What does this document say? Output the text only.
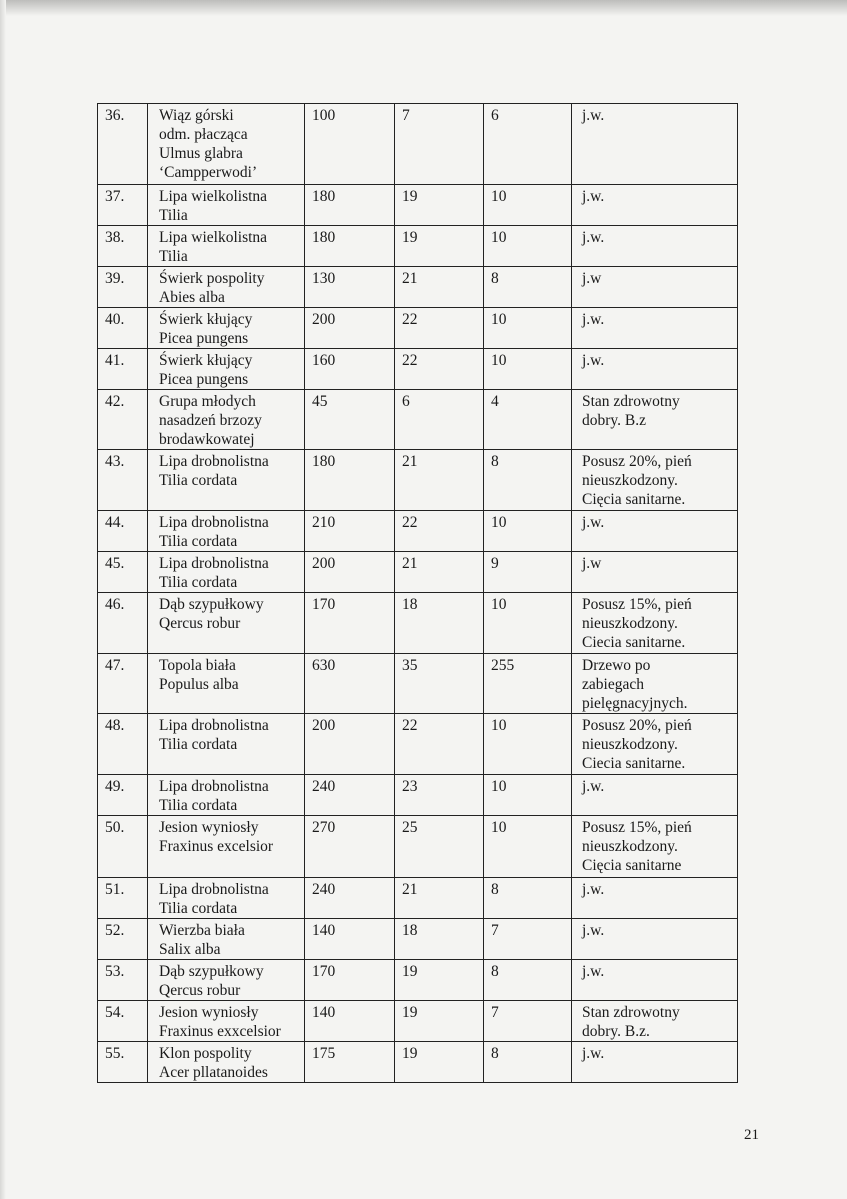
36.	Wiąz górski
odm. płacząca
Ulmus glabra
‘Campperwodi’	100	7	6	j.w.

37.	Lipa wielkolistna
Tilia	180	19	10	j.w.

38.	Lipa wielkolistna
Tilia	180	19	10	j.w.

39.	Świerk pospolity
Abies alba	130	21	8	j.w

40.	Świerk kłujący
Picea pungens	200	22	10	j.w.

41.	Świerk kłujący
Picea pungens	160	22	10	j.w.

42.	Grupa młodych
nasadzeń brzozy
brodawkowatej	45	6	4	Stan zdrowotny
dobry. B.z

43.	Lipa drobnolistna
Tilia cordata	180	21	8	Posusz 20%, pień
nieuszkodzony.
Cięcia sanitarne.

44.	Lipa drobnolistna
Tilia cordata	210	22	10	j.w.

45.	Lipa drobnolistna
Tilia cordata	200	21	9	j.w

46.	Dąb szypułkowy
Qercus robur	170	18	10	Posusz 15%, pień
nieuszkodzony.
Ciecia sanitarne.

47.	Topola biała
Populus alba	630	35	255	Drzewo po
zabiegach
pielęgnacyjnych.

48.	Lipa drobnolistna
Tilia cordata	200	22	10	Posusz 20%, pień
nieuszkodzony.
Ciecia sanitarne.

49.	Lipa drobnolistna
Tilia cordata	240	23	10	j.w.

50.	Jesion wyniosły
Fraxinus excelsior	270	25	10	Posusz 15%, pień
nieuszkodzony.
Cięcia sanitarne

51.	Lipa drobnolistna
Tilia cordata	240	21	8	j.w.

52.	Wierzba biała
Salix alba	140	18	7	j.w.

53.	Dąb szypułkowy
Qercus robur	170	19	8	j.w.

54.	Jesion wyniosły
Fraxinus exxcelsior	140	19	7	Stan zdrowotny
dobry. B.z.

55.	Klon pospolity
Acer pllatanoides	175	19	8	j.w.
21
